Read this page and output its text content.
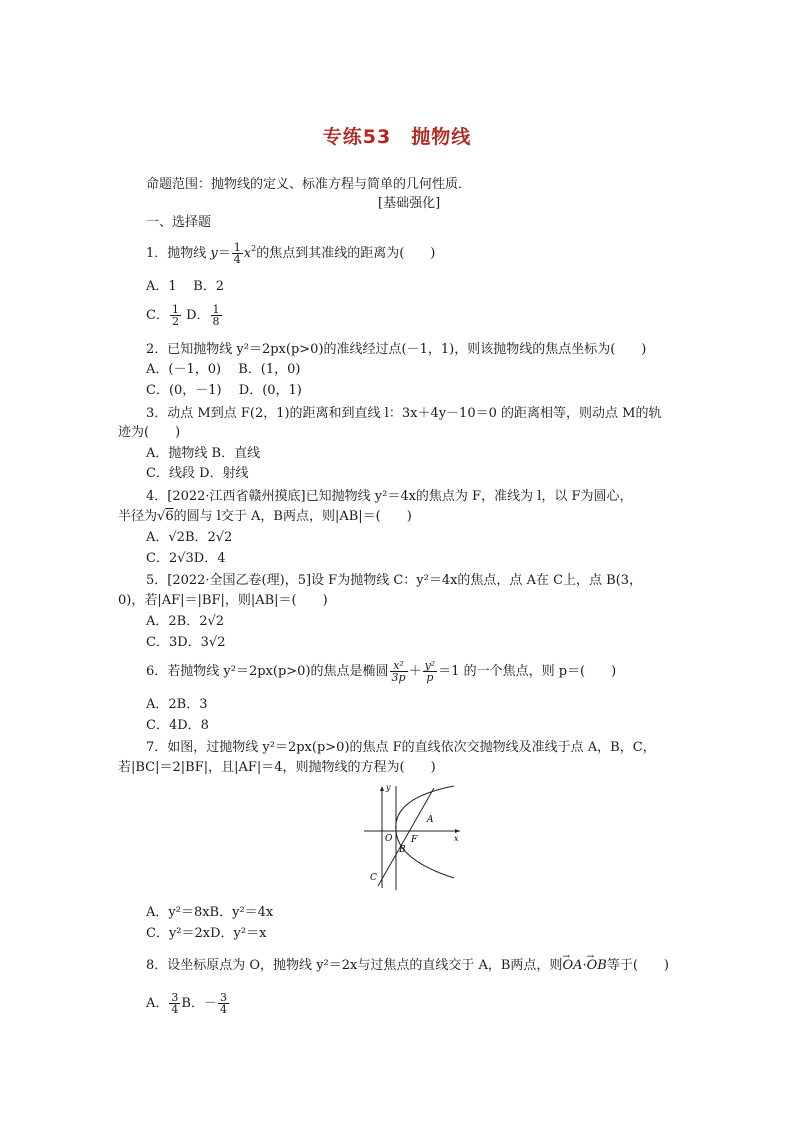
专练53　抛物线
命题范围：抛物线的定义、标准方程与简单的几何性质．
[基础强化]
一、选择题
1．抛物线 $y= \frac{1}{4} x^2$的焦点到其准线的距离为(　　)
A．1 B．2
C． $\frac{1}{2}$ D． $\frac{1}{8}$
2．已知抛物线 y²＝2px(p>0)的准线经过点(－1，1)，则该抛物线的焦点坐标为(　　)
A．(－1，0)　 B．(1，0)
C．(0，－1)　 D．(0，1)
3．动点 M到点 F(2，1)的距离和到直线 l：3x＋4y－10＝0 的距离相等，则动点 M的轨
迹为(　　)
A．抛物线 B．直线
C．线段 D．射线
4．[2022·江西省赣州摸底]已知抛物线 y²＝4x的焦点为 F，准线为 l，以 F为圆心，
半径为√6的圆与 l交于 A，B两点，则|AB|＝(　　)
A．√2B．2√2
C．2√3D．4
5．[2022·全国乙卷(理)，5]设 F为抛物线 C：y²＝4x的焦点，点 A在 C上，点 B(3，
0)，若|AF|＝|BF|，则|AB|＝(　　)
A．2B．2√2
C．3D．3√2
6．若抛物线 y²＝2px(p>0)的焦点是椭圆 $\frac{\text{x²}}{3p} + \frac{\text{y²}}{p} =1$ 的一个焦点，则 p＝(　　)
A．2B．3
C．4D．8
7．如图，过抛物线 y²＝2px(p>0)的焦点 F的直线依次交抛物线及准线于点 A，B，C，
若|BC|＝2|BF|，且|AF|＝4，则抛物线的方程为(　　)
y
x
O F
A
B
C
A．y²＝8xB．y²＝4x
C．y²＝2xD．y²＝x
8．设坐标原点为 O，抛物线 y²＝2x与过焦点的直线交于 A，B两点，则→ OA·→ OB等于(　　)
A． $\frac{3}{4}$ B．－ $\frac{3}{4}$
